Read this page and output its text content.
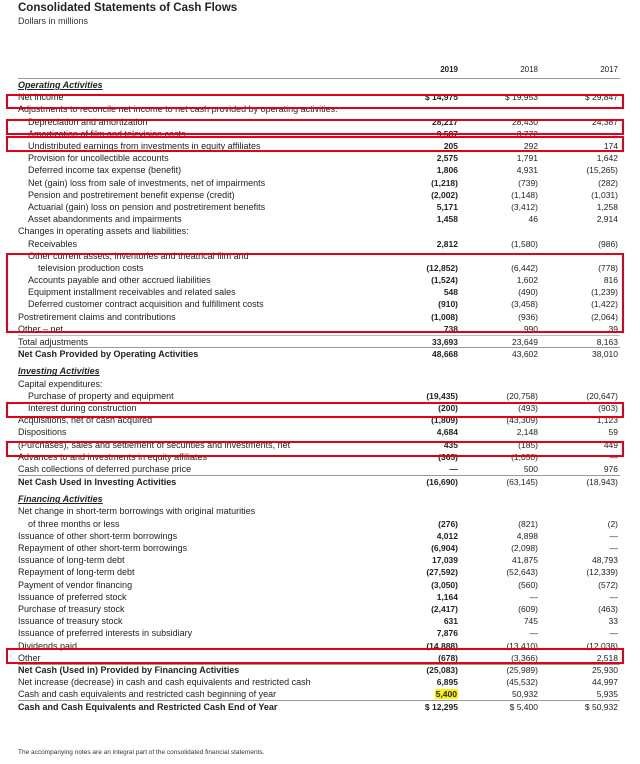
Consolidated Statements of Cash Flows
Dollars in millions
2019	2018	2017
Operating Activities
Net income	$ 14,975	$ 19,953	$ 29,847
Adjustments to reconcile net income to net cash provided by operating activities:
Depreciation and amortization	28,217	28,430	24,387
Amortization of film and television costs	9,587	3,772	—
Undistributed earnings from investments in equity affiliates	205	292	174
Provision for uncollectible accounts	2,575	1,791	1,642
Deferred income tax expense (benefit)	1,806	4,931	(15,265)
Net (gain) loss from sale of investments, net of impairments	(1,218)	(739)	(282)
Pension and postretirement benefit expense (credit)	(2,002)	(1,148)	(1,031)
Actuarial (gain) loss on pension and postretirement benefits	5,171	(3,412)	1,258
Asset abandonments and impairments	1,458	46	2,914
Changes in operating assets and liabilities:
Receivables	2,812	(1,580)	(986)
Other current assets, inventories and theatrical film and
television production costs	(12,852)	(6,442)	(778)
Accounts payable and other accrued liabilities	(1,524)	1,602	816
Equipment installment receivables and related sales	548	(490)	(1,239)
Deferred customer contract acquisition and fulfillment costs	(910)	(3,458)	(1,422)
Postretirement claims and contributions	(1,008)	(936)	(2,064)
Other – net	738	990	39
Total adjustments	33,693	23,649	8,163
Net Cash Provided by Operating Activities	48,668	43,602	38,010
Investing Activities
Capital expenditures:
Purchase of property and equipment	(19,435)	(20,758)	(20,647)
Interest during construction	(200)	(493)	(903)
Acquisitions, net of cash acquired	(1,809)	(43,309)	1,123
Dispositions	4,684	2,148	59
(Purchases), sales and settlement of securities and investments, net	435	(185)	449
Advances to and investments in equity affiliates	(365)	(1,050)	—
Cash collections of deferred purchase price	—	500	976
Net Cash Used in Investing Activities	(16,690)	(63,145)	(18,943)
Financing Activities
Net change in short-term borrowings with original maturities
of three months or less	(276)	(821)	(2)
Issuance of other short-term borrowings	4,012	4,898	—
Repayment of other short-term borrowings	(6,904)	(2,098)	—
Issuance of long-term debt	17,039	41,875	48,793
Repayment of long-term debt	(27,592)	(52,643)	(12,339)
Payment of vendor financing	(3,050)	(560)	(572)
Issuance of preferred stock	1,164	—	—
Purchase of treasury stock	(2,417)	(609)	(463)
Issuance of treasury stock	631	745	33
Issuance of preferred interests in subsidiary	7,876	—	—
Dividends paid	(14,888)	(13,410)	(12,038)
Other	(678)	(3,366)	2,518
Net Cash (Used in) Provided by Financing Activities	(25,083)	(25,989)	25,930
Net increase (decrease) in cash and cash equivalents and restricted cash	6,895	(45,532)	44,997
Cash and cash equivalents and restricted cash beginning of year	5,400	50,932	5,935
Cash and Cash Equivalents and Restricted Cash End of Year	$ 12,295	$ 5,400	$ 50,932
The accompanying notes are an integral part of the consolidated financial statements.
